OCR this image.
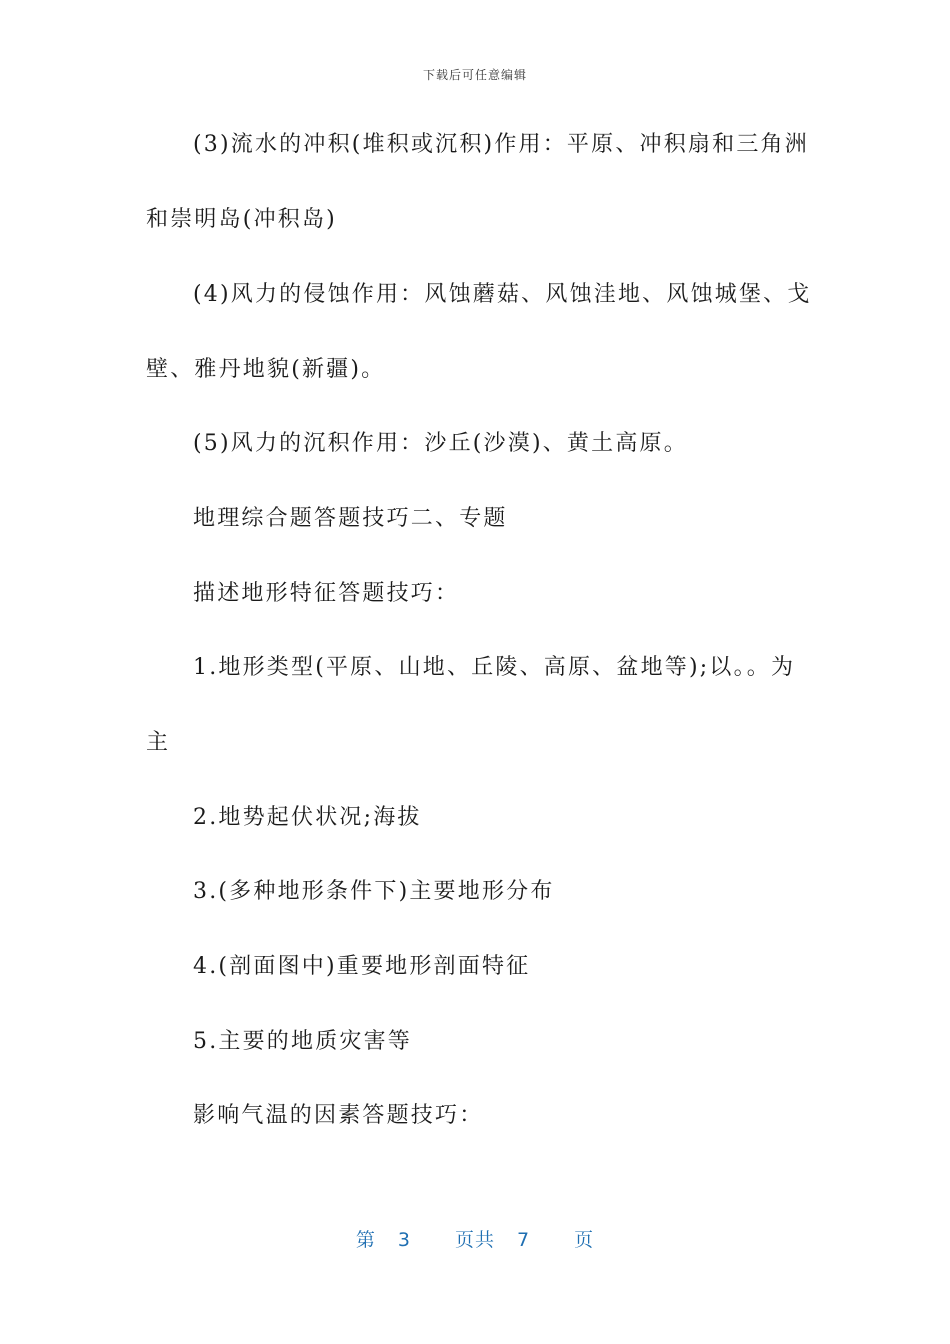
下载后可任意编辑
(3)流水的冲积(堆积或沉积)作用：平原、冲积扇和三角洲
和崇明岛(冲积岛)
(4)风力的侵蚀作用：风蚀蘑菇、风蚀洼地、风蚀城堡、戈
壁、雅丹地貌(新疆)。
(5)风力的沉积作用：沙丘(沙漠)、黄土高原。
地理综合题答题技巧二、专题
描述地形特征答题技巧：
1.地形类型(平原、山地、丘陵、高原、盆地等);以。。为
主
2.地势起伏状况;海拔
3.(多种地形条件下)主要地形分布
4.(剖面图中)重要地形剖面特征
5.主要的地质灾害等
影响气温的因素答题技巧：
第 3 页共 7 页
